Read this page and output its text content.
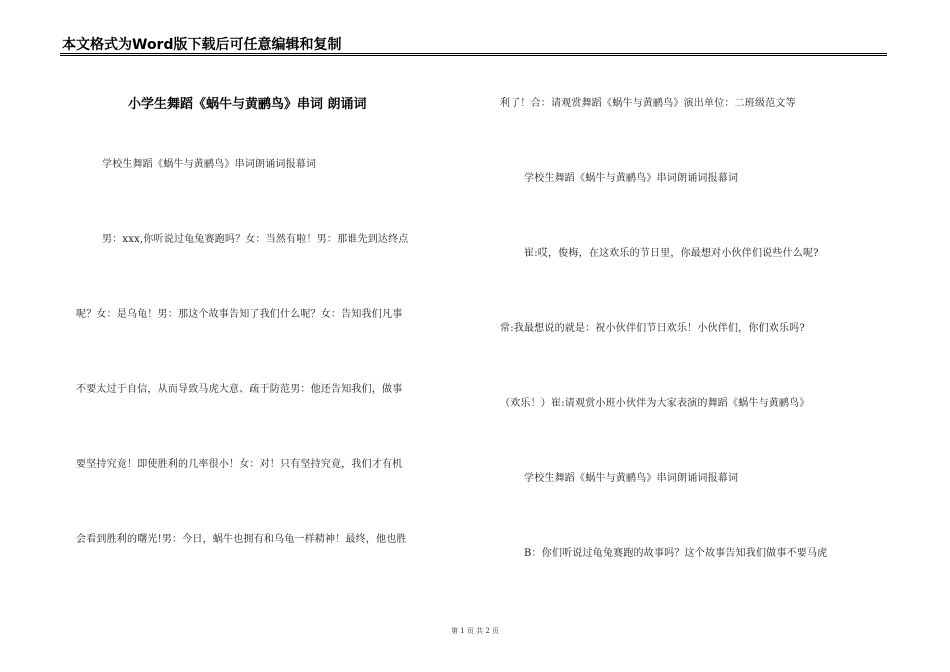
本文格式为Word版下载后可任意编辑和复制
小学生舞蹈《蜗牛与黄鹂鸟》串词 朗诵词
学校生舞蹈《蜗牛与黄鹂鸟》串词朗诵词报幕词
男：xxx,你听说过龟兔赛跑吗？女：当然有啦！男：那谁先到达终点
呢？女：是乌龟！男：那这个故事告知了我们什么呢？女：告知我们凡事
不要太过于自信，从而导致马虎大意、疏于防范男：他还告知我们，做事
要坚持究竟！即使胜利的几率很小！女：对！只有坚持究竟，我们才有机
会看到胜利的曙光!男：今日，蜗牛也拥有和乌龟一样精神！最终，他也胜
利了！合：请观赏舞蹈《蜗牛与黄鹂鸟》演出单位：二班级范文等
学校生舞蹈《蜗牛与黄鹂鸟》串词朗诵词报幕词
崔:哎，俊梅，在这欢乐的节日里，你最想对小伙伴们说些什么呢?
常:我最想说的就是：祝小伙伴们节日欢乐！小伙伴们，你们欢乐吗?
（欢乐！）崔:请观赏小班小伙伴为大家表演的舞蹈《蜗牛与黄鹂鸟》
学校生舞蹈《蜗牛与黄鹂鸟》串词朗诵词报幕词
B：你们听说过龟兔赛跑的故事吗？这个故事告知我们做事不要马虎
第 1 页 共 2 页
